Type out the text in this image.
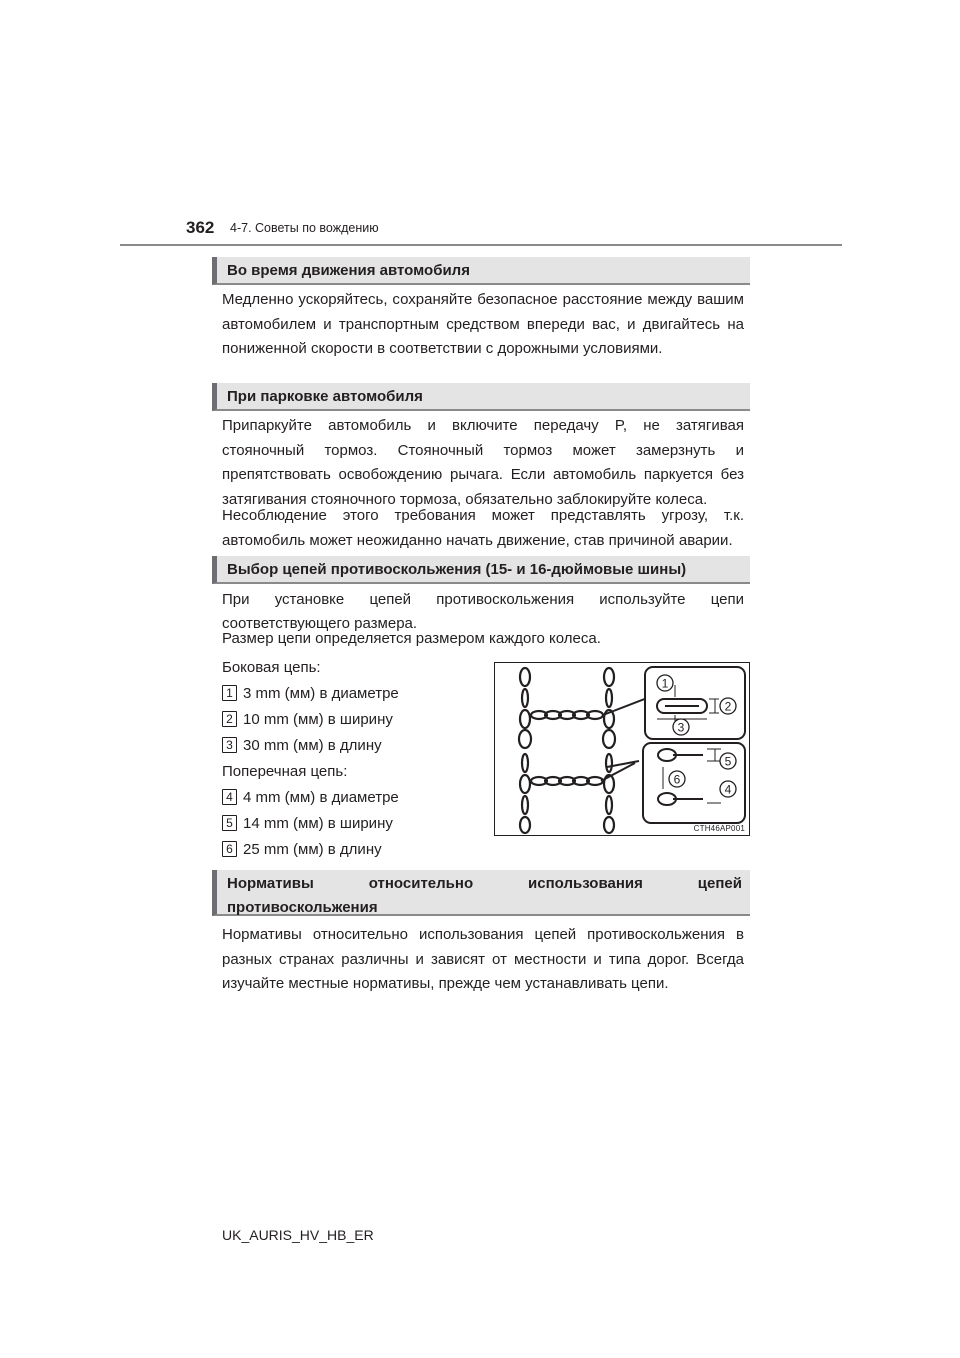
362 4-7. Советы по вождению
Во время движения автомобиля

Медленно ускоряйтесь, сохраняйте безопасное расстояние между вашим автомобилем и транспортным средством впереди вас, и двигайтесь на пониженной скорости в соответствии с дорожными условиями.

При парковке автомобиля

Припаркуйте автомобиль и включите передачу P, не затягивая стояночный тормоз. Стояночный тормоз может замерзнуть и препятствовать освобождению рычага. Если автомобиль паркуется без затягивания стояночного тормоза, обязательно заблокируйте колеса.

Несоблюдение этого требования может представлять угрозу, т.к. автомобиль может неожиданно начать движение, став причиной аварии.

Выбор цепей противоскольжения (15- и 16-дюймовые шины)

При установке цепей противоскольжения используйте цепи

соответствующего размера.

Размер цепи определяется размером каждого колеса.

Боковая цепь:
1 3 mm (мм) в диаметре
2 10 mm (мм) в ширину
3 30 mm (мм) в длину
Поперечная цепь:
4 4 mm (мм) в диаметре
5 14 mm (мм) в ширину
6 25 mm (мм) в длину
1
2
3
5
6
4
CTH46AP001
Нормативы относительно использования цепей противоскольжения

Нормативы относительно использования цепей противоскольжения в разных странах различны и зависят от местности и типа дорог. Всегда изучайте местные нормативы, прежде чем устанавливать цепи.

UK_AURIS_HV_HB_ER
